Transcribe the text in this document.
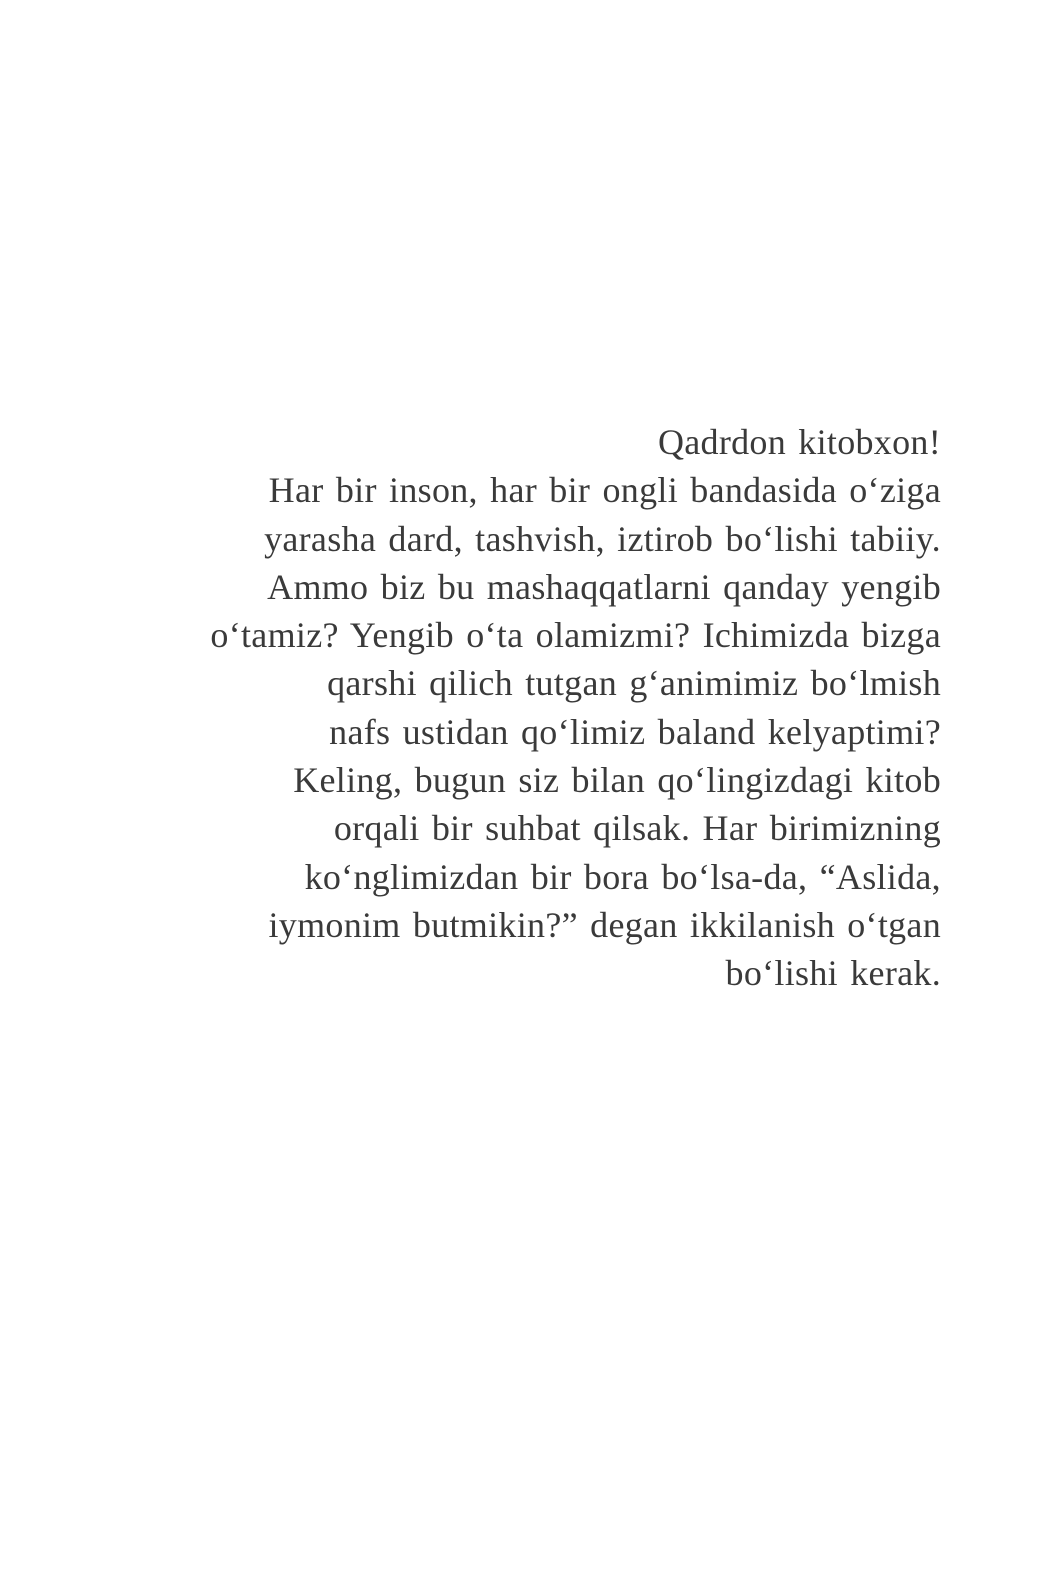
Qadrdon kitobxon!
Har bir inson, har bir ongli bandasida o‘ziga
yarasha dard, tashvish, iztirob bo‘lishi tabiiy.
Ammo biz bu mashaqqatlarni qanday yengib
o‘tamiz? Yengib o‘ta olamizmi? Ichimizda bizga
qarshi qilich tutgan g‘animimiz bo‘lmish
nafs ustidan qo‘limiz baland kelyaptimi?
Keling, bugun siz bilan qo‘lingizdagi kitob
orqali bir suhbat qilsak. Har birimizning
ko‘nglimizdan bir bora bo‘lsa-da, “Aslida,
iymonim butmikin?” degan ikkilanish o‘tgan
bo‘lishi kerak.
